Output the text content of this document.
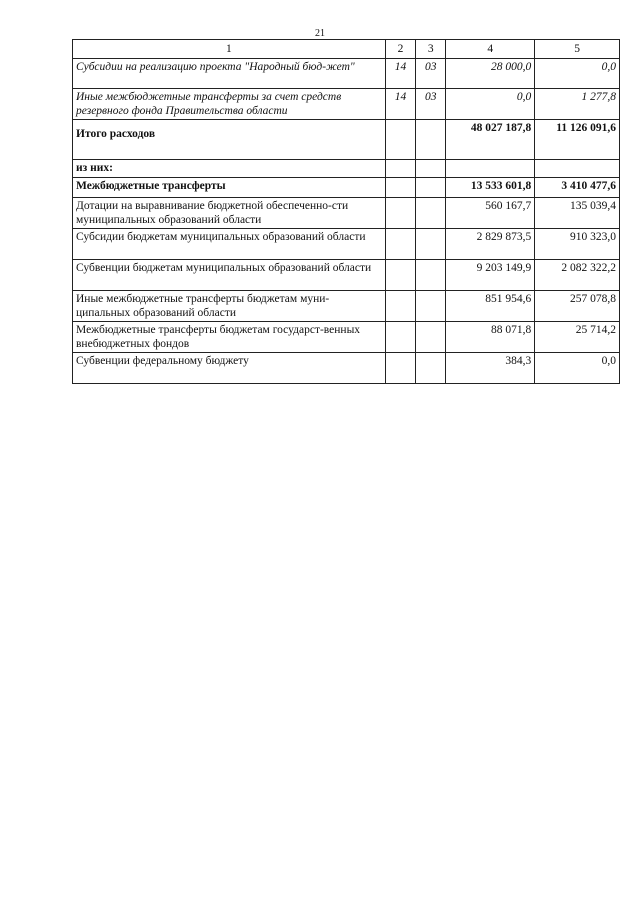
21
1	2	3	4	5
Субсидии на реализацию проекта "Народный бюд-жет"	14	03	28 000,0	0,0
Иные межбюджетные трансферты за счет средств резервного фонда Правительства области	14	03	0,0	1 277,8
Итого расходов			48 027 187,8	11 126 091,6
из них:				
Межбюджетные трансферты			13 533 601,8	3 410 477,6
Дотации на выравнивание бюджетной обеспеченно-сти муниципальных образований области			560 167,7	135 039,4
Субсидии бюджетам муниципальных образований области			2 829 873,5	910 323,0
Субвенции бюджетам муниципальных образований области			9 203 149,9	2 082 322,2
Иные межбюджетные трансферты бюджетам муни-ципальных образований области			851 954,6	257 078,8
Межбюджетные трансферты бюджетам государст-венных внебюджетных фондов			88 071,8	25 714,2
Субвенции федеральному бюджету			384,3	0,0
